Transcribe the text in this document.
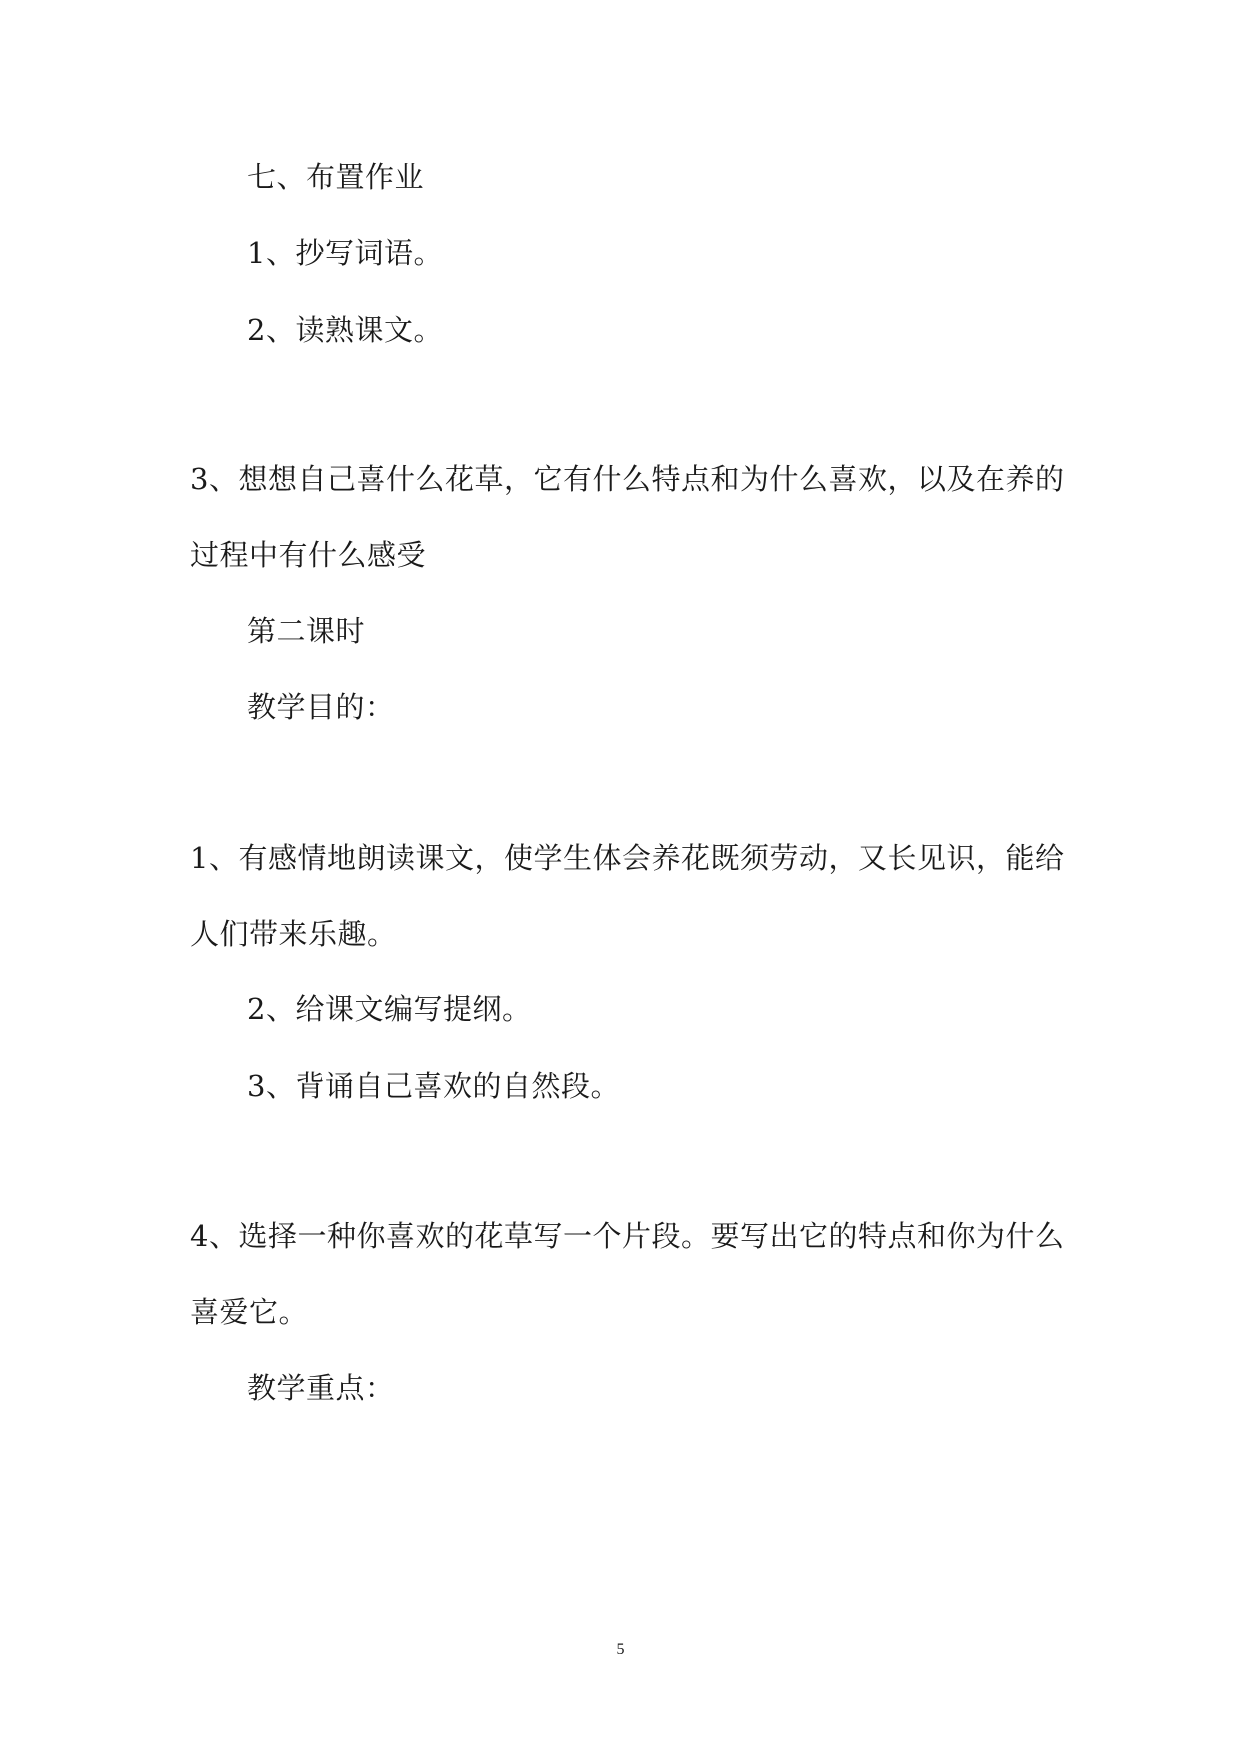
七、布置作业
1、抄写词语。
2、读熟课文。
3、想想自己喜什么花草，它有什么特点和为什么喜欢，以及在养的
过程中有什么感受
第二课时
教学目的：
1、有感情地朗读课文，使学生体会养花既须劳动，又长见识，能给
人们带来乐趣。
2、给课文编写提纲。
3、背诵自己喜欢的自然段。
4、选择一种你喜欢的花草写一个片段。要写出它的特点和你为什么
喜爱它。
教学重点：
5
